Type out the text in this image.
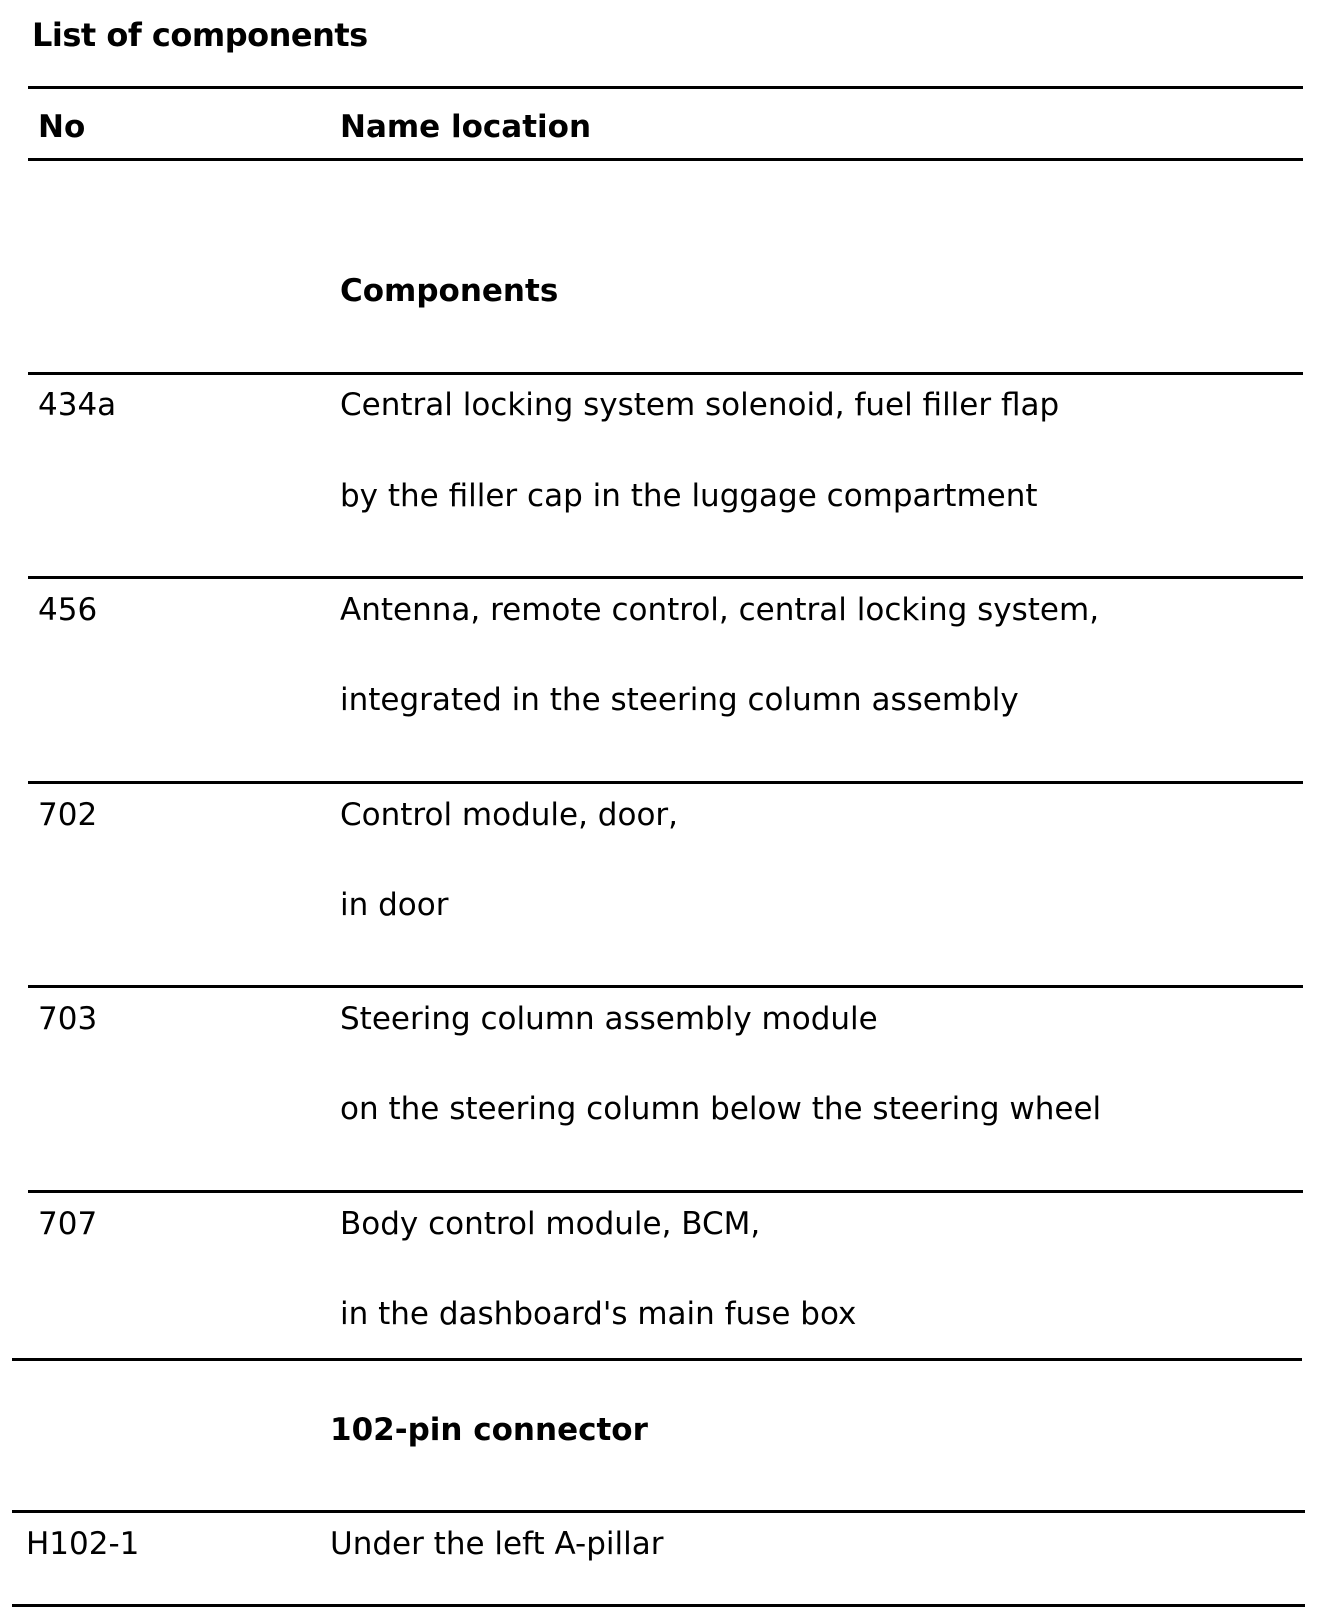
List of components
No	Name location
Components
434a	Central locking system solenoid, fuel filler flap
by the filler cap in the luggage compartment
456	Antenna, remote control, central locking system,
integrated in the steering column assembly
702	Control module, door,
in door
703	Steering column assembly module
on the steering column below the steering wheel
707	Body control module, BCM,
in the dashboard's main fuse box
102-pin connector
H102-1	Under the left A-pillar
